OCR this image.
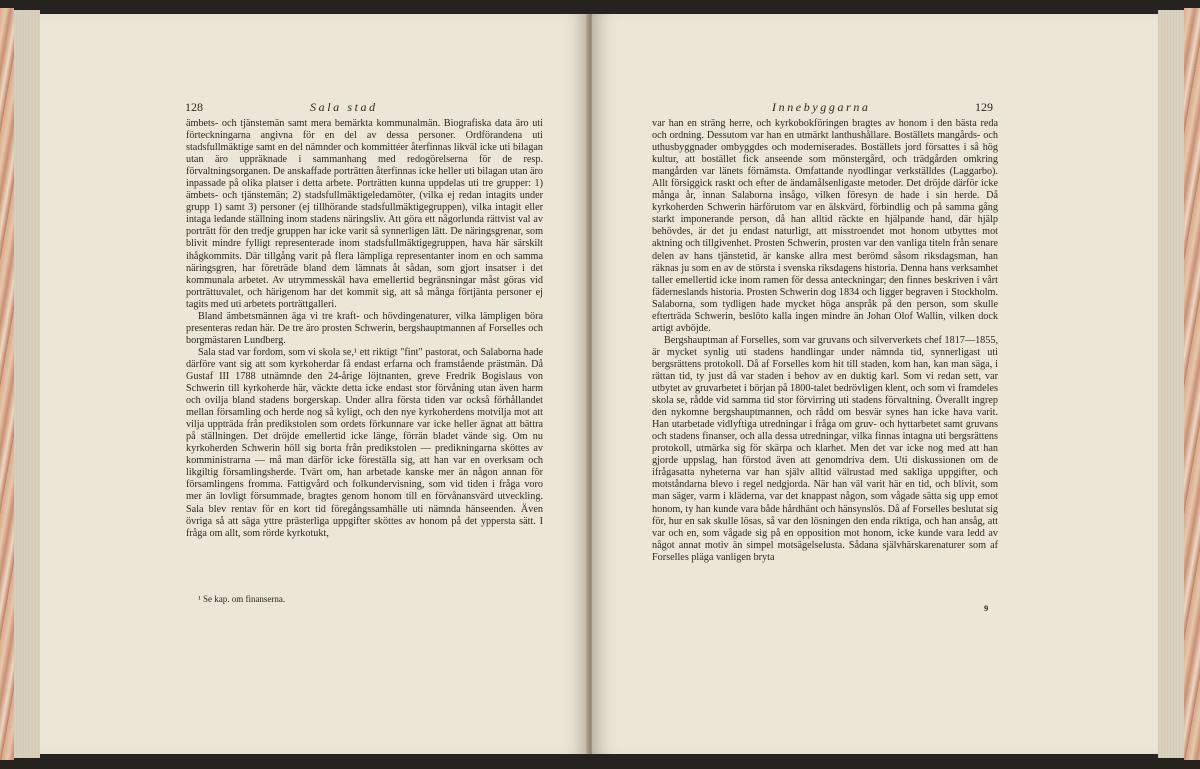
128	Sala stad

ämbets- och tjänstemän samt mera bemärkta kommunalmän. Biografiska data äro uti förteckningarna angivna för en del av dessa personer. Ordförandena uti stadsfullmäktige samt en del nämnder och kommittéer återfinnas likväl icke uti bilagan utan äro uppräknade i sammanhang med redogörelserna för de resp. förvaltningsorganen. De anskaffade porträtten återfinnas icke heller uti bilagan utan äro inpassade på olika platser i detta arbete. Porträtten kunna uppdelas uti tre grupper: 1) ämbets- och tjänstemän; 2) stadsfullmäktigeledamöter, (vilka ej redan intagits under grupp 1) samt 3) personer (ej tillhörande stadsfullmäktigegruppen), vilka intagit eller intaga ledande ställning inom stadens näringsliv. Att göra ett någorlunda rättvist val av porträtt för den tredje gruppen har icke varit så synnerligen lätt. De näringsgrenar, som blivit mindre fylligt representerade inom stadsfullmäktigegruppen, hava här särskilt ihågkommits. Där tillgång varit på flera lämpliga representanter inom en och samma näringsgren, har företräde bland dem lämnats åt sådan, som gjort insatser i det kommunala arbetet. Av utrymmesskäl hava emellertid begränsningar måst göras vid porträttuvalet, och härigenom har det kommit sig, att så många förtjänta personer ej tagits med uti arbetets porträttgalleri.

Bland ämbetsmännen äga vi tre kraft- och hövdingenaturer, vilka lämpligen böra presenteras redan här. De tre äro prosten Schwerin, bergshauptmannen af Forselles och borgmästaren Lundberg.

Sala stad var fordom, som vi skola se,¹ ett riktigt "fint" pastorat, och Salaborna hade därföre vant sig att som kyrkoherdar få endast erfarna och framstående prästmän. Då Gustaf III 1788 utnämnde den 24-årige löjtnanten, greve Fredrik Bogislaus von Schwerin till kyrkoherde här, väckte detta icke endast stor förvåning utan även harm och ovilja bland stadens borgerskap. Under allra första tiden var också förhållandet mellan församling och herde nog så kyligt, och den nye kyrkoherdens motvilja mot att vilja uppträda från predikstolen som ordets förkunnare var icke heller ägnat att bättra på ställningen. Det dröjde emellertid icke länge, förrän bladet vände sig. Om nu kyrkoherden Schwerin höll sig borta från predikstolen — predikningarna sköttes av komministrarna — må man därför icke föreställa sig, att han var en overksam och likgiltig församlingsherde. Tvärt om, han arbetade kanske mer än någon annan för församlingens fromma. Fattigvård och folkundervisning, som vid tiden i fråga voro mer än lovligt försummade, bragtes genom honom till en förvånansvärd utveckling. Sala blev rentav för en kort tid föregångssamhälle uti nämnda hänseenden. Även övriga så att säga yttre prästerliga uppgifter sköttes av honom på det yppersta sätt. I fråga om allt, som rörde kyrkotukt,

¹ Se kap. om finanserna.
Innebyggarna	129

var han en sträng herre, och kyrkobokföringen bragtes av honom i den bästa reda och ordning. Dessutom var han en utmärkt lanthushållare. Boställets mangårds- och uthusbyggnader ombyggdes och moderniserades. Boställets jord försattes i så hög kultur, att bostället fick anseende som mönstergård, och trädgården omkring mangården var länets förnämsta. Omfattande nyodlingar verkställdes (Laggarbo). Allt försiggick raskt och efter de ändamålsenligaste metoder. Det dröjde därför icke många år, innan Salaborna insågo, vilken föresyn de hade i sin herde. Då kyrkoherden Schwerin härförutom var en älskvärd, förbindlig och på samma gång starkt imponerande person, då han alltid räckte en hjälpande hand, där hjälp behövdes, är det ju endast naturligt, att misstroendet mot honom utbyttes mot aktning och tillgivenhet. Prosten Schwerin, prosten var den vanliga titeln från senare delen av hans tjänstetid, är kanske allra mest berömd såsom riksdagsman, han räknas ju som en av de största i svenska riksdagens historia. Denna hans verksamhet taller emellertid icke inom ramen för dessa anteckningar; den finnes beskriven i vårt fäderneslands historia. Prosten Schwerin dog 1834 och ligger begraven i Stockholm. Salaborna, som tydligen hade mycket höga anspråk på den person, som skulle efterträda Schwerin, beslöto kalla ingen mindre än Johan Olof Wallin, vilken dock artigt avböjde.

Bergshauptman af Forselles, som var gruvans och silververkets chef 1817—1855, är mycket synlig uti stadens handlingar under nämnda tid, synnerligast uti bergsrättens protokoll. Då af Forselles kom hit till staden, kom han, kan man säga, i rättan tid, ty just då var staden i behov av en duktig karl. Som vi redan sett, var utbytet av gruvarbetet i början på 1800-talet bedrövligen klent, och som vi framdeles skola se, rådde vid samma tid stor förvirring uti stadens förvaltning. Överallt ingrep den nykomne bergshauptmannen, och rådd om besvär synes han icke hava varit. Han utarbetade vidlyftiga utredningar i fråga om gruv- och hyttarbetet samt gruvans och stadens finanser, och alla dessa utredningar, vilka finnas intagna uti bergsrättens protokoll, utmärka sig för skärpa och klarhet. Men det var icke nog med att han gjorde uppslag, han förstod även att genomdriva dem. Uti diskussionen om de ifrågasatta nyheterna var han själv alltid välrustad med sakliga uppgifter, och motståndarna blevo i regel nedgjorda. När han väl varit här en tid, och blivit, som man säger, varm i kläderna, var det knappast någon, som vågade sätta sig upp emot honom, ty han kunde vara både hårdhänt och hänsynslös. Då af Forselles beslutat sig för, hur en sak skulle lösas, så var den lösningen den enda riktiga, och han ansåg, att var och en, som vågade sig på en opposition mot honom, icke kunde vara ledd av något annat motiv än simpel motsägelselusta. Sådana självhärskarenaturer som af Forselles pläga vanligen bryta

9
